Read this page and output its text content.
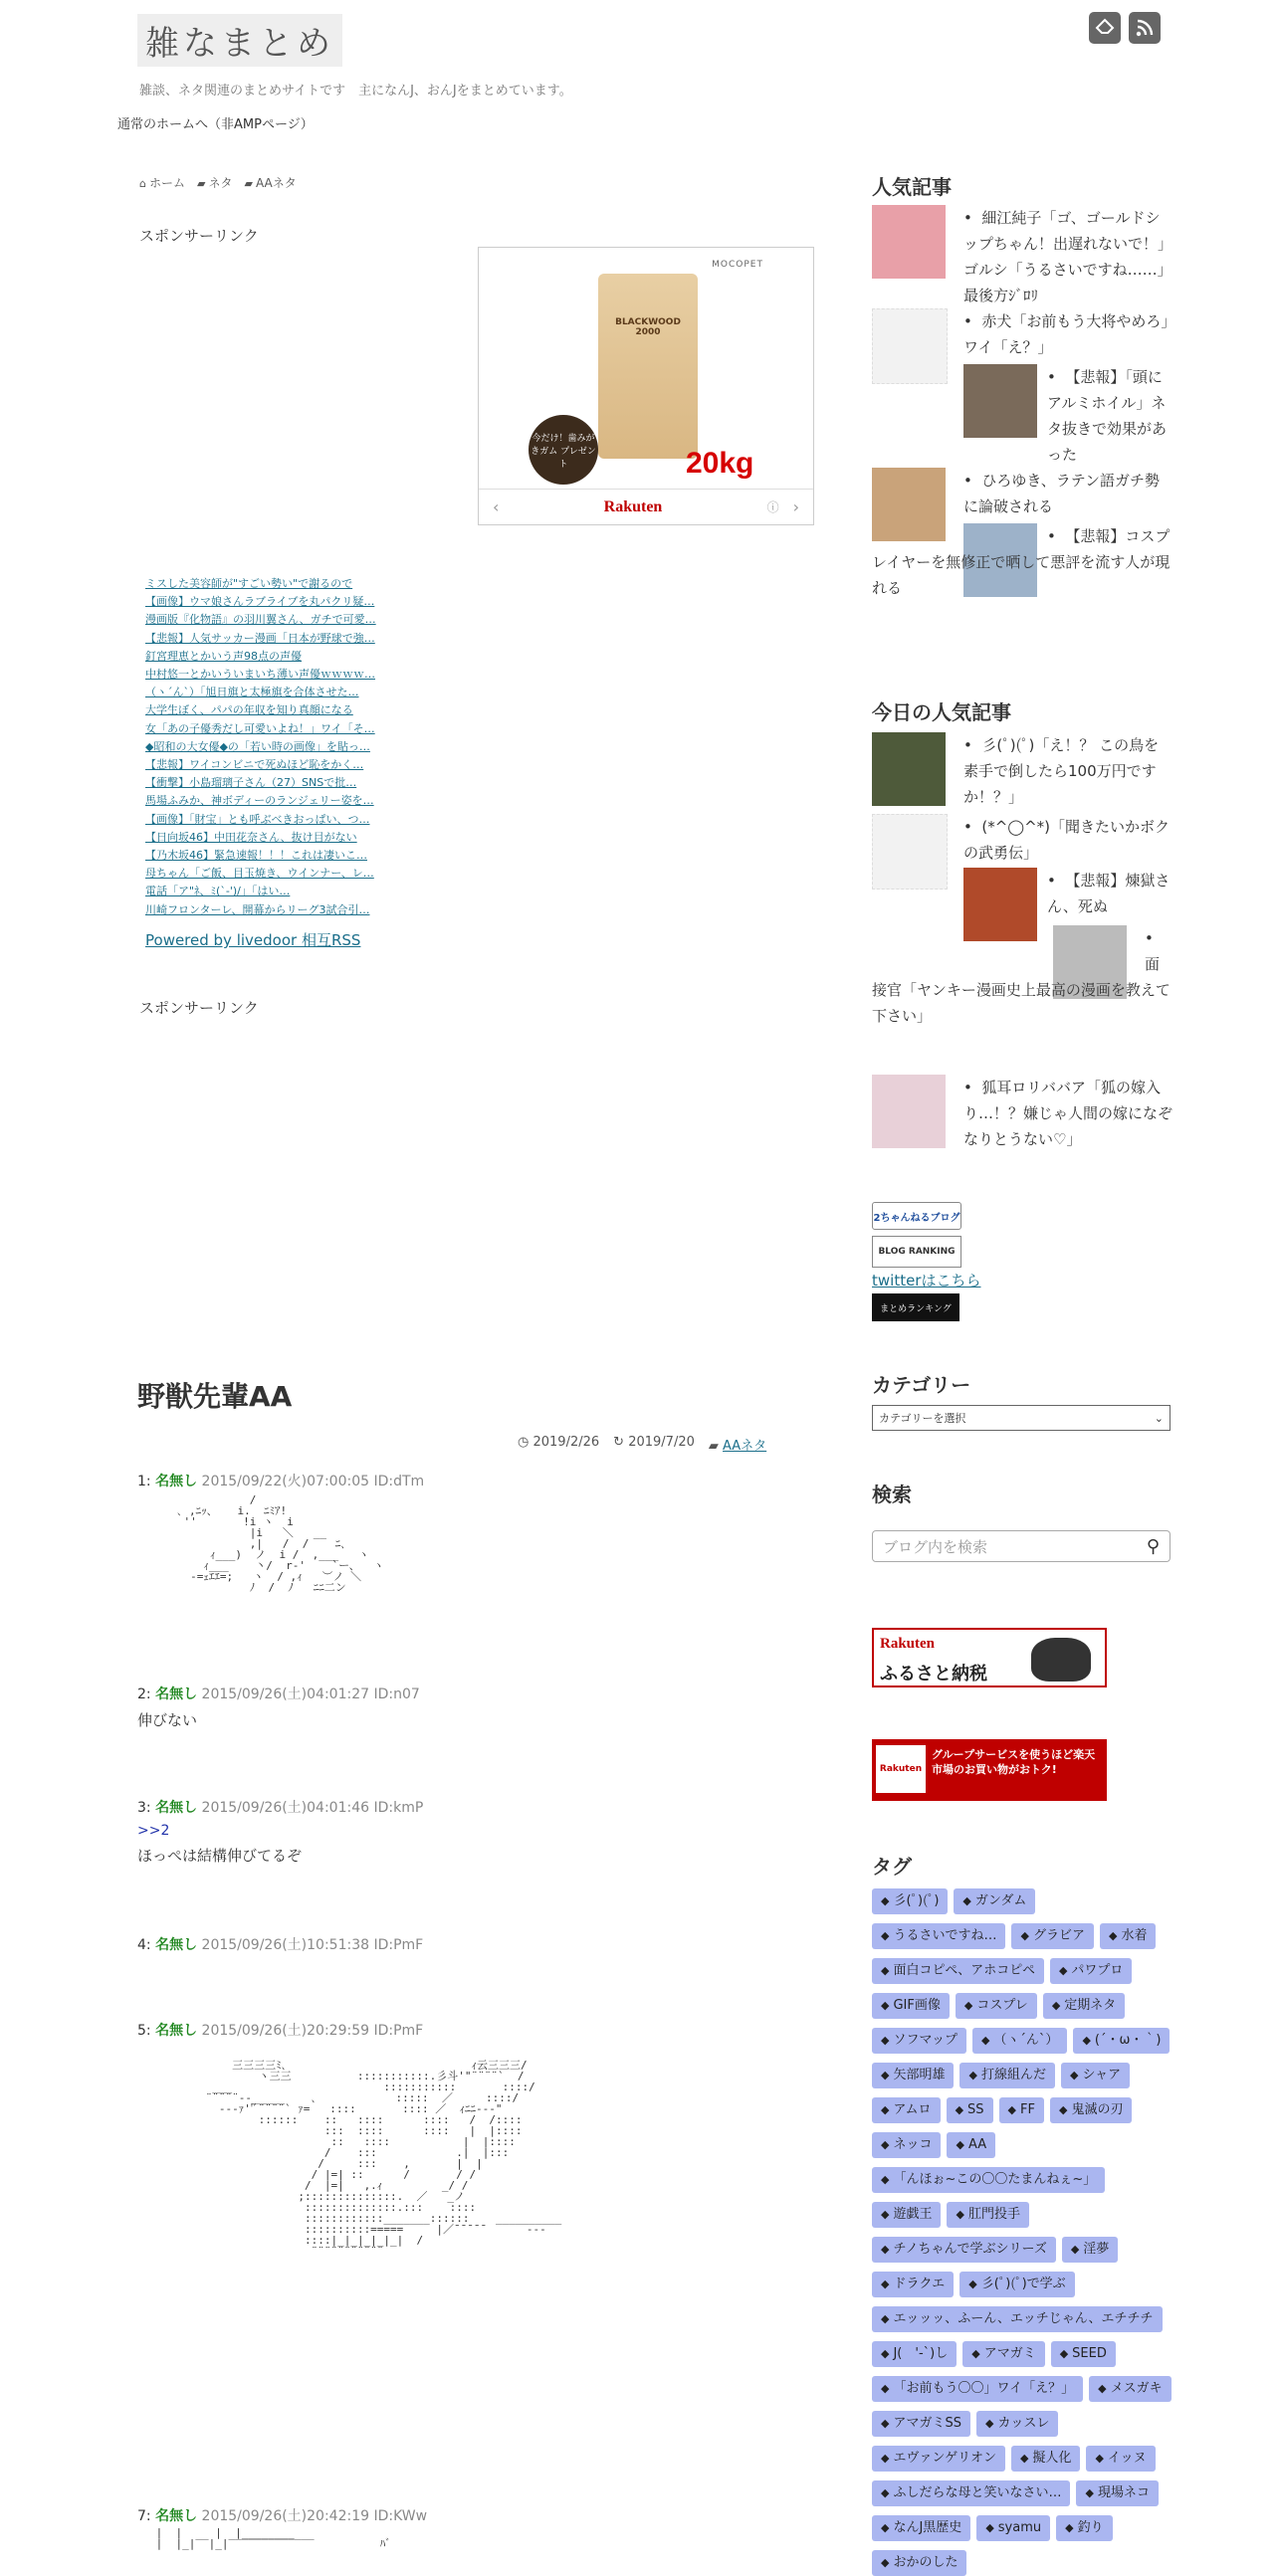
雑なまとめ
雑談、ネタ関連のまとめサイトです　主になんJ、おんJをまとめています。
通常のホームへ（非AMPページ）
⌂ ホーム ▰ ネタ ▰ AAネタ
スポンサーリンク
MOCOPET
BLACKWOOD 2000
今だけ！歯みがきガム プレゼント	20kg
‹	Rakuten	ⓘ ›
ミスした美容師が"すごい勢い"で謝るので
【画像】ウマ娘さんラブライブを丸パクリ疑…
漫画版『化物語』の羽川翼さん、ガチで可愛…
【悲報】人気サッカー漫画「日本が野球で強…
釘宮理恵とかいう声98点の声優
中村悠一とかいういまいち薄い声優ｗｗｗｗ…
（ヽ´ん`）「旭日旗と太極旗を合体させた…
大学生ぼく、パパの年収を知り真顔になる
女「あの子優秀だし可愛いよね！」ワイ「そ…
◆昭和の大女優◆の「若い時の画像」を貼っ…
【悲報】ワイコンビニで死ぬほど恥をかく…
【衝撃】小島瑠璃子さん（27）SNSで批…
馬場ふみか、神ボディーのランジェリー姿を…
【画像】「財宝」とも呼ぶべきおっぱい、つ…
【日向坂46】中田花奈さん、抜け目がない
【乃木坂46】緊急速報！！！これは凄いこ…
母ちゃん「ご飯、目玉焼き、ウインナー、レ…
電話「ア"ﾈ、ﾐ(`-')/」「はい…
川崎フロンターレ、開幕からリーグ3試合引…
Powered by livedoor 相互RSS
スポンサーリンク
野獣先輩AA
◷ 2019/2/26 ↻ 2019/7/20 ▰ AAネタ
1: 名無し 2015/09/22(火)07:00:05 ID:dTm
/
､ ,ﾆｯ、   i.  ﾆﾐｱ!
''       !i ヽ  i
|i   ＼   __
,|   /  /    ﾆ､
ｨ___)  ノ  i /  ,___   ヽ
ｨ___    丶/  r-'    `ー、  ヽ
-=ｪｴｴ=;   ヽ  / ,ｨ   ︶ノ ＼
ﾉ  /  ﾉ   ﾆﾆ二ン

2: 名無し 2015/09/26(土)04:01:27 ID:n07
伸びない
3: 名無し 2015/09/26(土)04:01:46 ID:kmP
>>2
ほっぺは結構伸びてるぞ
4: 名無し 2015/09/26(土)10:51:38 ID:PmF
5: 名無し 2015/09/26(土)20:29:59 ID:PmF
三三三三ﾐ､                            ｨ云三三三/
ヽ三三          :::::::::::.彡斗'"¨¨¨¨`  /
___                       :::::::::::       ::::/
¨¨¨¨¨‐-_____    ､            :::::  ／     ::::/
‐‐‐ｧ''ﾞ¨¨¨¨` ｧ=   ::::       :::: ／  ｨﾆﾆ-‐‐"
::::::    ::   ::::      ::::   /  /::::
:::  ::::      ::::   |  |::::
::   ::::           |  |::::
/    :::            .|  |:::
/     :::    ,       |  |
/ |=| ::      /       / /
/  |=|   ,.ｨ         _/ /
;::::::::::::::.  ／   _ノ
::::::::::::::.:::    ::::
::::::::::::_______::::::    __________
::::::::::=====     |／¯¯¯¯¯      ‐‐‐
::::|_|_|_|_|_|  /
¨¨¨¨¨¨¨¨¨¨¨

7: 名無し 2015/09/26(土)20:42:19 ID:KWw
|  |     |  |________
|  |_|‾‾|_|‾‾‾‾‾‾‾‾‾‾‾‾‾          ﾊﾞ

人気記事
•  細江純子「ゴ、ゴールドシップちゃん！出遅れないで！」ゴルシ「うるさいですね……」最後方ｼﾞﾛﾘ
•  赤犬「お前もう大将やめろ」ワイ「え？」
•  【悲報】「頭にアルミホイル」ネタ抜きで効果があった
•  ひろゆき、ラテン語ガチ勢に論破される
•  【悲報】コスプレイヤーを無修正で晒して悪評を流す人が現れる
今日の人気記事
•  彡(ﾟ)(ﾟ)「え！？ この鳥を素手で倒したら100万円ですか！？」
•  (*^◯^*)「聞きたいかボクの武勇伝」
•  【悲報】煉獄さん、死ぬ
•
面接官「ヤンキー漫画史上最高の漫画を教えて下さい」
•  狐耳ロリババア「狐の嫁入り…！？嫌じゃ人間の嫁になぞなりとうない♡」
2ちゃんねるブログ
BLOG RANKING
twitterはこちら
まとめランキング
カテゴリー
カテゴリーを選択	⌄
検索
ブログ内を検索	⚲
Rakuten
ふるさと納税
Rakuten
グループサービスを使うほど楽天市場のお買い物がおトク!
タグ
◆ 彡(ﾟ)(ﾟ)	◆ ガンダム
◆ うるさいですね…	◆ グラビア	◆ 水着
◆ 面白コピペ、アホコピペ	◆ パワプロ
◆ GIF画像	◆ コスプレ	◆ 定期ネタ
◆ ソフマップ	◆ （ヽ´ん`）	◆ (´・ω・｀)
◆ 矢部明雄	◆ 打線組んだ	◆ シャア
◆ アムロ	◆ SS	◆ FF	◆ 鬼滅の刃
◆ ネッコ	◆ AA
◆ 「んほぉ~この〇〇たまんねぇ~」
◆ 遊戯王	◆ 肛門投手
◆ チノちゃんで学ぶシリーズ	◆ 淫夢
◆ ドラクエ	◆ 彡(ﾟ)(ﾟ)で学ぶ
◆ エッッッ、ふーん、エッチじゃん、エチチチ
◆ J(　'-`)し	◆ アマガミ	◆ SEED
◆ 「お前もう〇〇」ワイ「え？」	◆ メスガキ
◆ アマガミSS	◆ カッスレ
◆ エヴァンゲリオン	◆ 擬人化	◆ イッヌ
◆ ふしだらな母と笑いなさい…	◆ 現場ネコ
◆ なんJ黒歴史	◆ syamu	◆ 釣り
◆ おかのした
